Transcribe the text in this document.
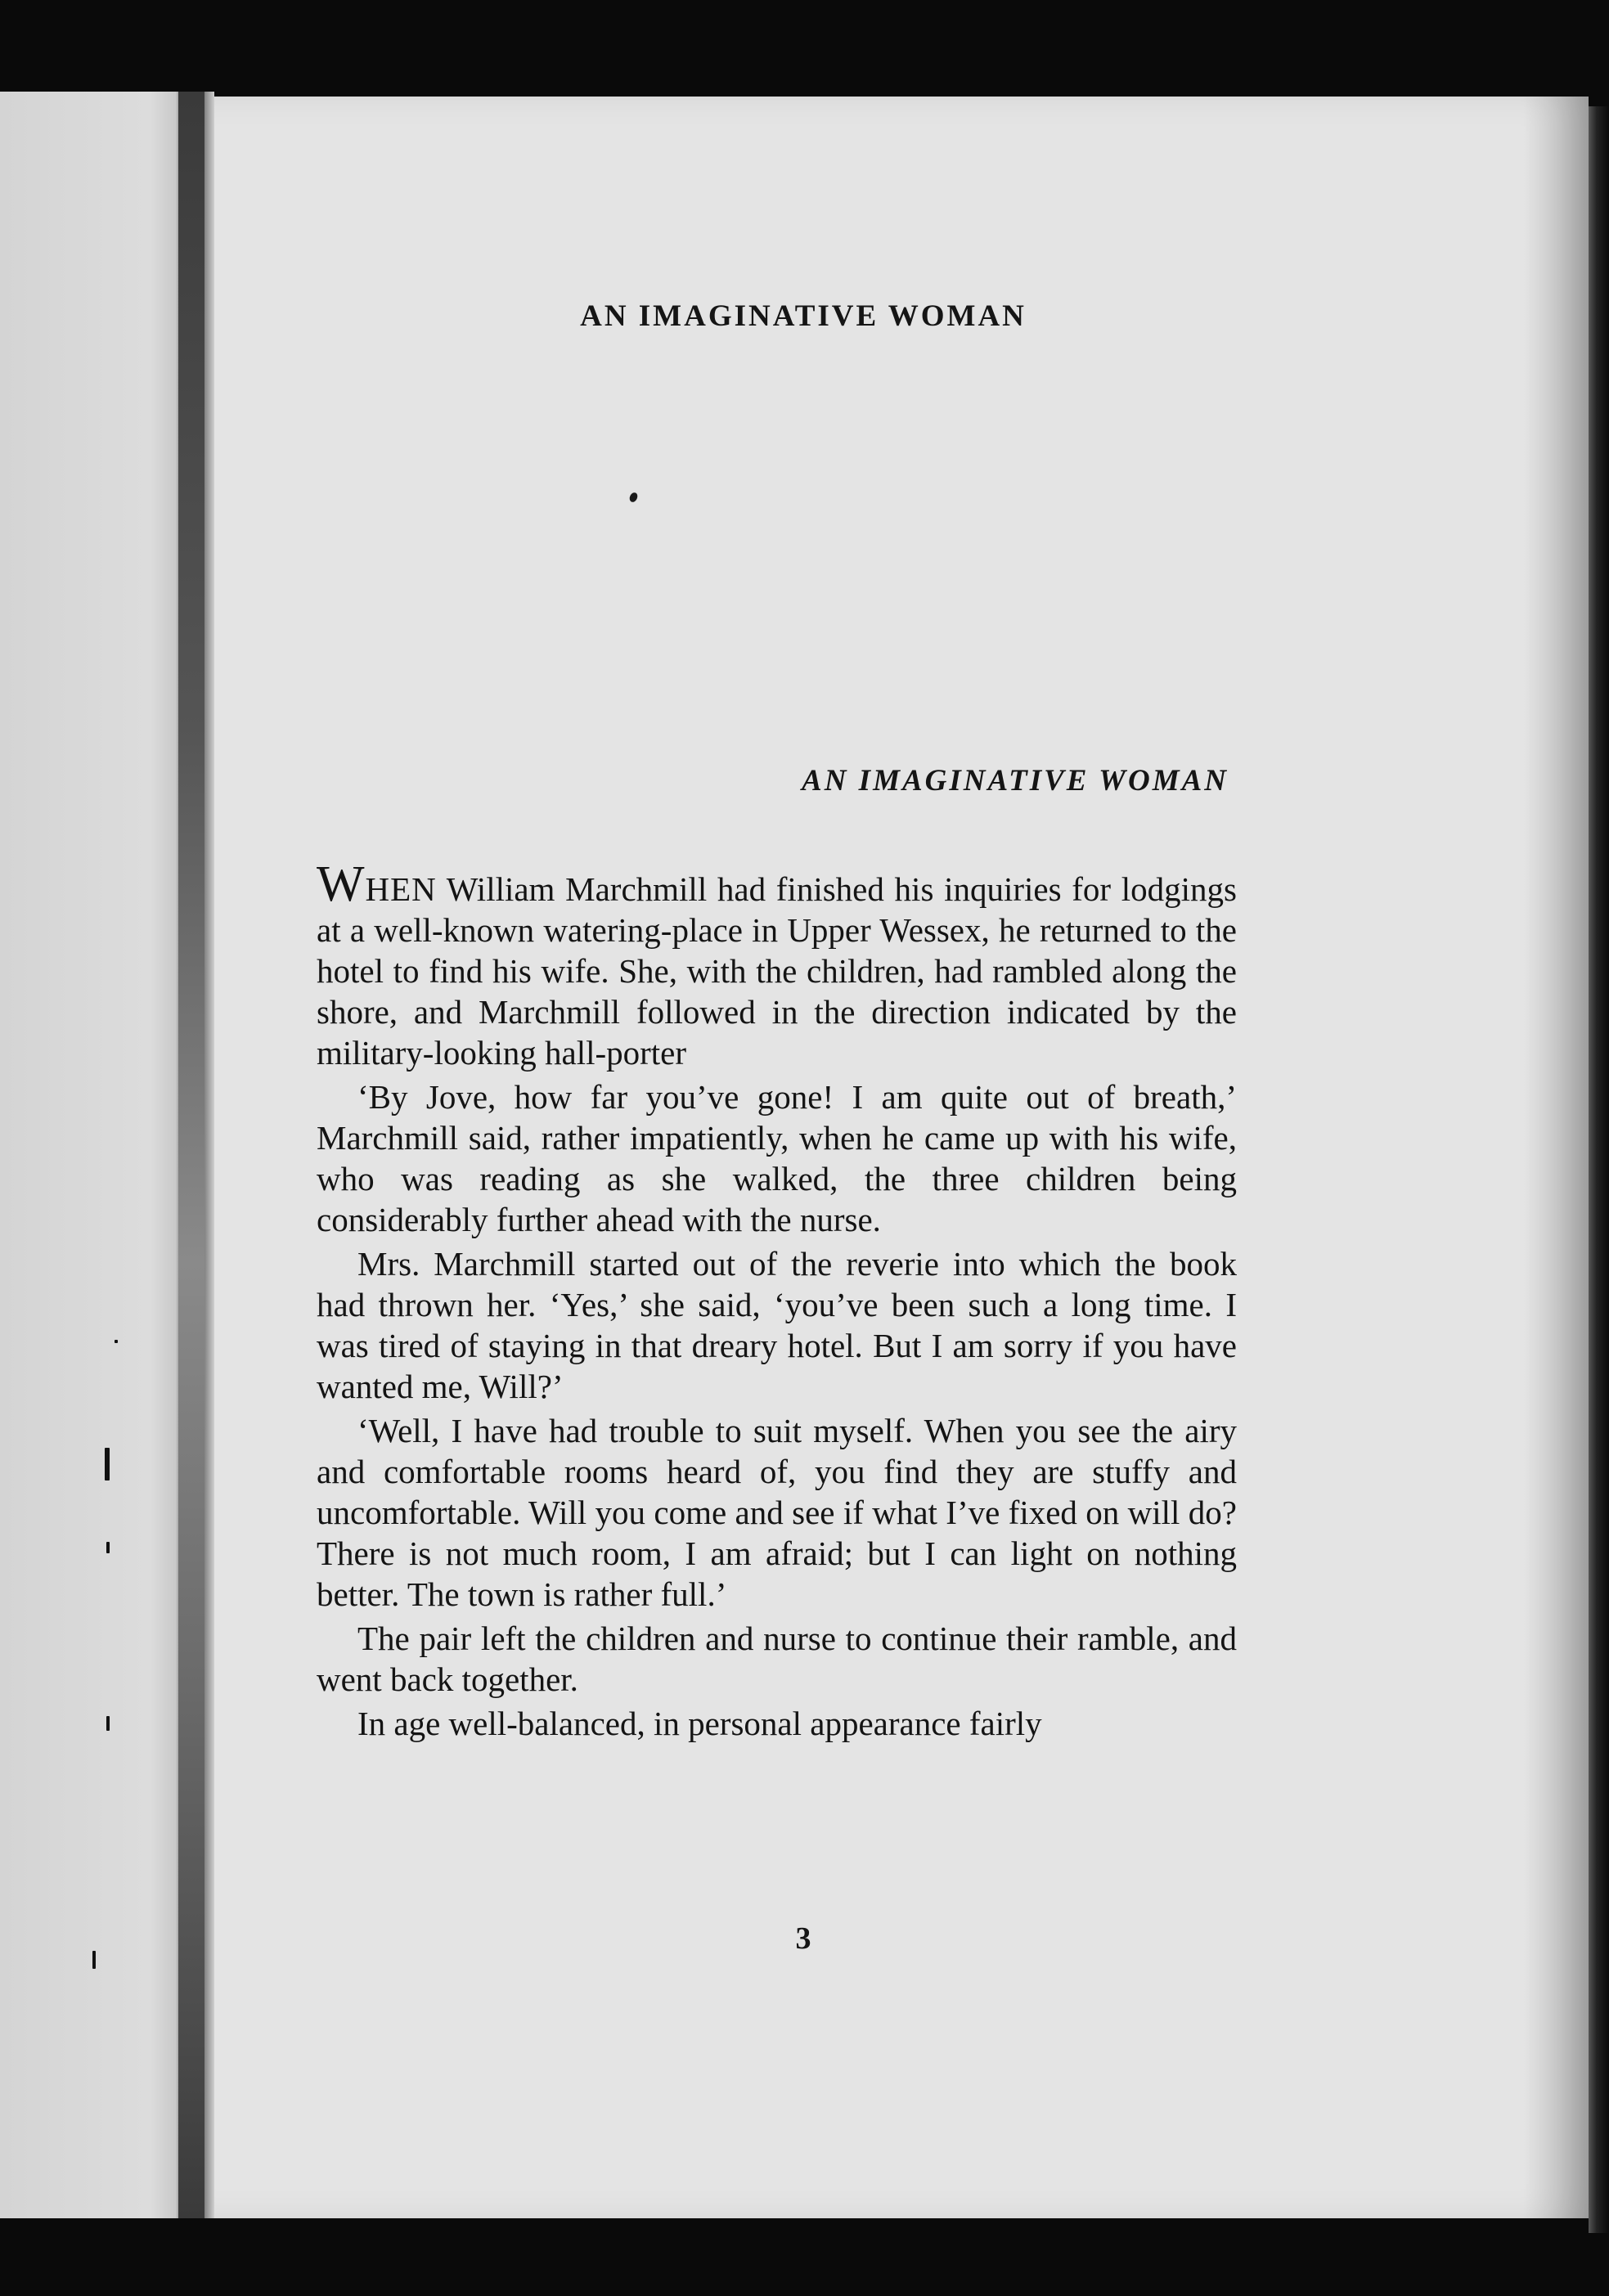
AN IMAGINATIVE WOMAN
AN IMAGINATIVE WOMAN

WHEN William Marchmill had finished his inquiries for lodgings at a well-known watering-place in Upper Wessex, he returned to the hotel to find his wife. She, with the children, had rambled along the shore, and Marchmill followed in the direction indicated by the military-looking hall-porter

‘By Jove, how far you’ve gone! I am quite out of breath,’ Marchmill said, rather impatiently, when he came up with his wife, who was reading as she walked, the three children being considerably further ahead with the nurse.

Mrs. Marchmill started out of the reverie into which the book had thrown her. ‘Yes,’ she said, ‘you’ve been such a long time. I was tired of staying in that dreary hotel. But I am sorry if you have wanted me, Will?’

‘Well, I have had trouble to suit myself. When you see the airy and comfortable rooms heard of, you find they are stuffy and uncomfortable. Will you come and see if what I’ve fixed on will do? There is not much room, I am afraid; but I can light on nothing better. The town is rather full.’

The pair left the children and nurse to continue their ramble, and went back together.

In age well-balanced, in personal appearance fairly

3
